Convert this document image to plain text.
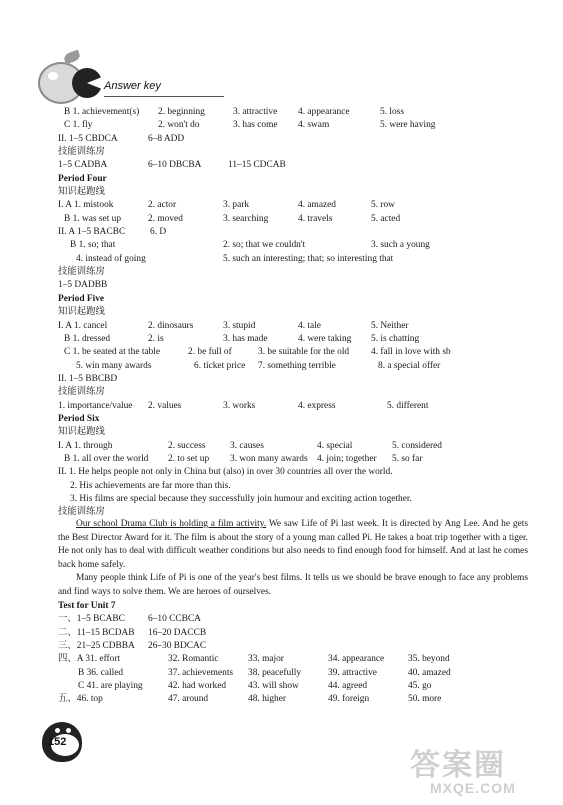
Answer key
B 1. achievement(s) 2. beginning	3. attractive 4. appearance	5. loss
C 1. fly	2. won't do	3. has come 4. swam	5. were having
II. 1–5 CBDCA	6–8 ADD
技能训练房
1–5 CADBA	6–10 DBCBA	11–15 CDCAB
Period Four
知识起跑线
I. A 1. mistook	2. actor	3. park	4. amazed	5. row
B 1. was set up	2. moved	3. searching	4. travels	5. acted
II. A 1–5 BACBC	6. D
B 1. so; that	2. so; that we couldn't	3. such a young
4. instead of going	5. such an interesting; that; so interesting that
技能训练房
1–5 DADBB
Period Five
知识起跑线
I. A 1. cancel	2. dinosaurs	3. stupid	4. tale	5. Neither
B 1. dressed	2. is	3. has made	4. were taking 5. is chatting
C 1. be seated at the table	2. be full of	3. be suitable for the old 4. fall in love with sb
5. win many awards	6. ticket price 7. something terrible	8. a special offer
II. 1–5 BBCBD
技能训练房
1. importance/value 2. values	3. works	4. express	5. different
Period Six
知识起跑线
I. A 1. through	2. success	3. causes	4. special	5. considered
B 1. all over the world 2. to set up 3. won many awards 4. join; together 5. so far
II. 1. He helps people not only in China but (also) in over 30 countries all over the world.
2. His achievements are far more than this.
3. His films are special because they successfully join humour and exciting action together.
技能训练房

Our school Drama Club is holding a film activity. We saw Life of Pi last week. It is directed by Ang Lee. And he gets the Best Director Award for it. The film is about the story of a young man called Pi. He takes a boat trip together with a tiger. He not only has to deal with difficult weather conditions but also needs to find enough food for himself. And at last he comes back home safely.

Many people think Life of Pi is one of the year's best films. It tells us we should be brave enough to face any problems and find ways to solve them. We are heroes of ourselves.

Test for Unit 7
一、1–5 BCABC 6–10 CCBCA
二、11–15 BCDAB 16–20 DACCB
三、21–25 CDBBA 26–30 BDCAC
四、A 31. effort	32. Romantic	33. major	34. appearance	35. beyond
B 36. called	37. achievements 38. peacefully	39. attractive	40. amazed
C 41. are playing	42. had worked 43. will show	44. agreed	45. go
五、46. top	47. around	48. higher	49. foreign	50. more
152
答案圈
MXQE.COM
